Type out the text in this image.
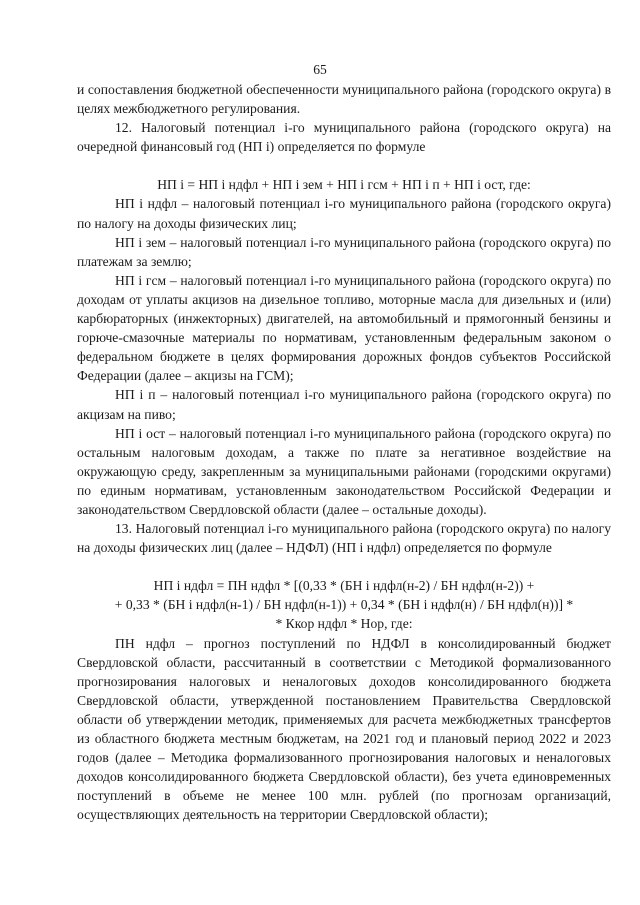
65

и сопоставления бюджетной обеспеченности муниципального района (городского округа) в целях межбюджетного регулирования.

12. Налоговый потенциал i-го муниципального района (городского округа) на очередной финансовый год (НП i) определяется по формуле

НП i = НП i ндфл + НП i зем + НП i гсм + НП i п + НП i ост, где:

НП i ндфл – налоговый потенциал i-го муниципального района (городского округа) по налогу на доходы физических лиц;

НП i зем – налоговый потенциал i-го муниципального района (городского округа) по платежам за землю;

НП i гсм – налоговый потенциал i-го муниципального района (городского округа) по доходам от уплаты акцизов на дизельное топливо, моторные масла для дизельных и (или) карбюраторных (инжекторных) двигателей, на автомобильный и прямогонный бензины и горюче-смазочные материалы по нормативам, установленным федеральным законом о федеральном бюджете в целях формирования дорожных фондов субъектов Российской Федерации (далее – акцизы на ГСМ);

НП i п – налоговый потенциал i-го муниципального района (городского округа) по акцизам на пиво;

НП i ост – налоговый потенциал i-го муниципального района (городского округа) по остальным налоговым доходам, а также по плате за негативное воздействие на окружающую среду, закрепленным за муниципальными районами (городскими округами) по единым нормативам, установленным законодательством Российской Федерации и законодательством Свердловской области (далее – остальные доходы).

13. Налоговый потенциал i-го муниципального района (городского округа) по налогу на доходы физических лиц (далее – НДФЛ) (НП i ндфл) определяется по формуле

НП i ндфл = ПН ндфл * [(0,33 * (БН i ндфл(н-2) / БН ндфл(н-2)) +

+ 0,33 * (БН i ндфл(н-1) / БН ндфл(н-1)) + 0,34 * (БН i ндфл(н) / БН ндфл(н))] *

* Ккор ндфл * Нор, где:

ПН ндфл – прогноз поступлений по НДФЛ в консолидированный бюджет Свердловской области, рассчитанный в соответствии с Методикой формализованного прогнозирования налоговых и неналоговых доходов консолидированного бюджета Свердловской области, утвержденной постановлением Правительства Свердловской области об утверждении методик, применяемых для расчета межбюджетных трансфертов из областного бюджета местным бюджетам, на 2021 год и плановый период 2022 и 2023 годов (далее – Методика формализованного прогнозирования налоговых и неналоговых доходов консолидированного бюджета Свердловской области), без учета единовременных поступлений в объеме не менее 100 млн. рублей (по прогнозам организаций, осуществляющих деятельность на территории Свердловской области);
